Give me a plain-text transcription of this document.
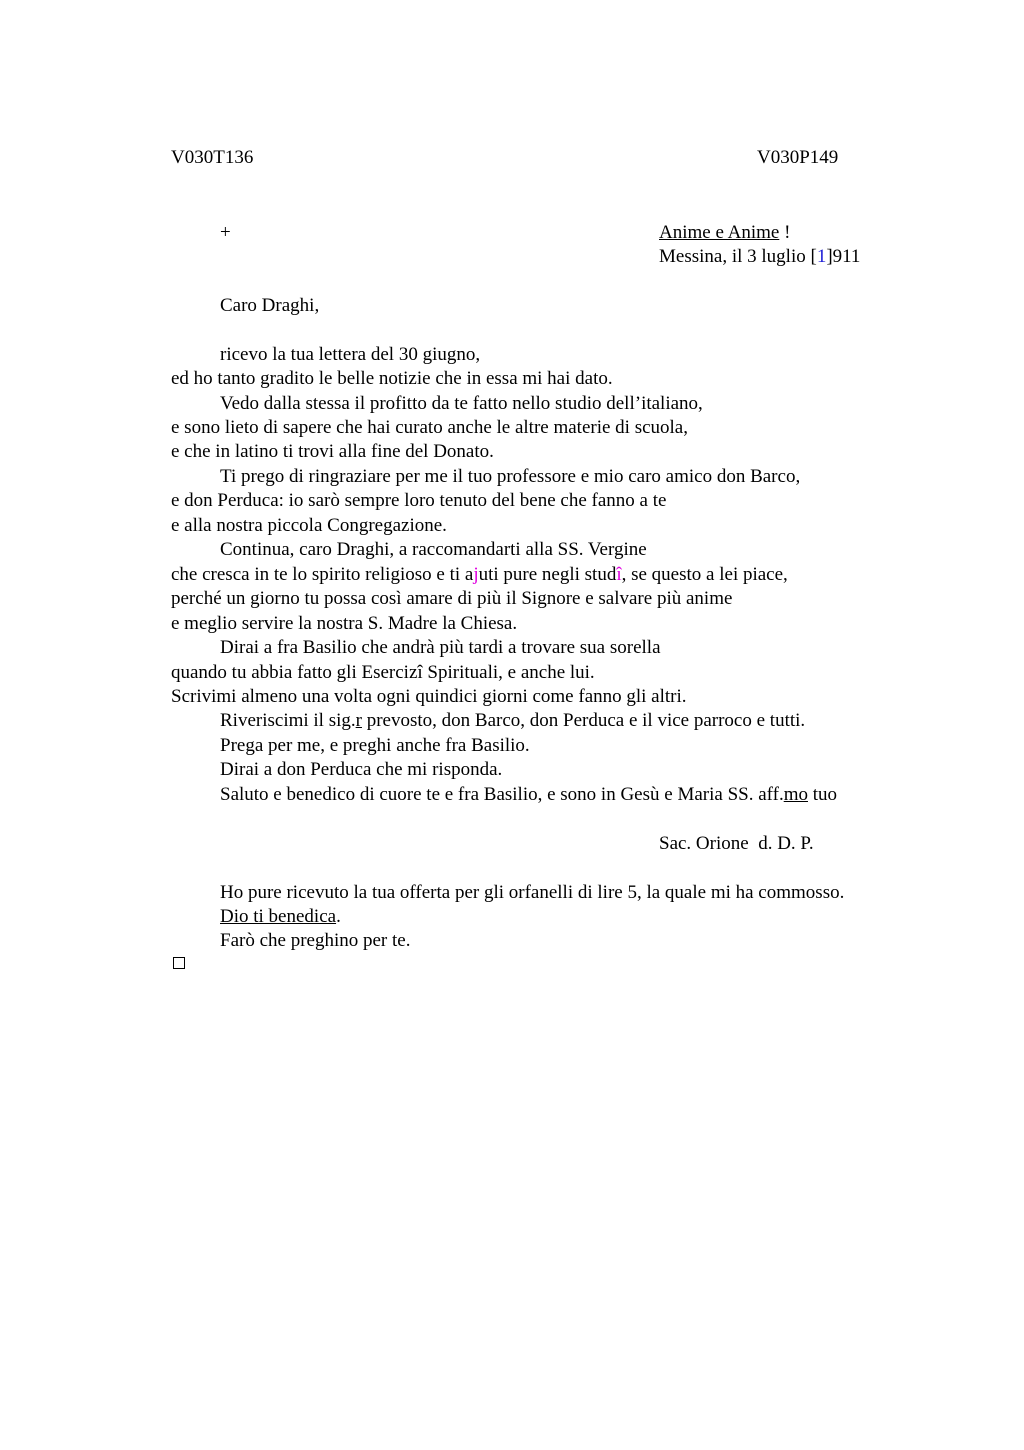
V030T136	V030P149
+	Anime e Anime !
Messina, il 3 luglio [1]911
Caro Draghi,
ricevo la tua lettera del 30 giugno,
ed ho tanto gradito le belle notizie che in essa mi hai dato.
Vedo dalla stessa il profitto da te fatto nello studio dell’italiano,
e sono lieto di sapere che hai curato anche le altre materie di scuola,
e che in latino ti trovi alla fine del Donato.
Ti prego di ringraziare per me il tuo professore e mio caro amico don Barco,
e don Perduca: io sarò sempre loro tenuto del bene che fanno a te
e alla nostra piccola Congregazione.
Continua, caro Draghi, a raccomandarti alla SS. Vergine
che cresca in te lo spirito religioso e ti ajuti pure negli studî, se questo a lei piace,
perché un giorno tu possa così amare di più il Signore e salvare più anime
e meglio servire la nostra S. Madre la Chiesa.
Dirai a fra Basilio che andrà più tardi a trovare sua sorella
quando tu abbia fatto gli Esercizi Spirituali, e anche lui.
Scrivimi almeno una volta ogni quindici giorni come fanno gli altri.
Riveriscimi il sig.r prevosto, don Barco, don Perduca e il vice parroco e tutti.
Prega per me, e preghi anche fra Basilio.
Dirai a don Perduca che mi risponda.
Saluto e benedico di cuore te e fra Basilio, e sono in Gesù e Maria SS. aff.mo tuo
Sac. Orione  d. D. P.
Ho pure ricevuto la tua offerta per gli orfanelli di lire 5, la quale mi ha commosso.
Dio ti benedica.
Farò che preghino per te.
